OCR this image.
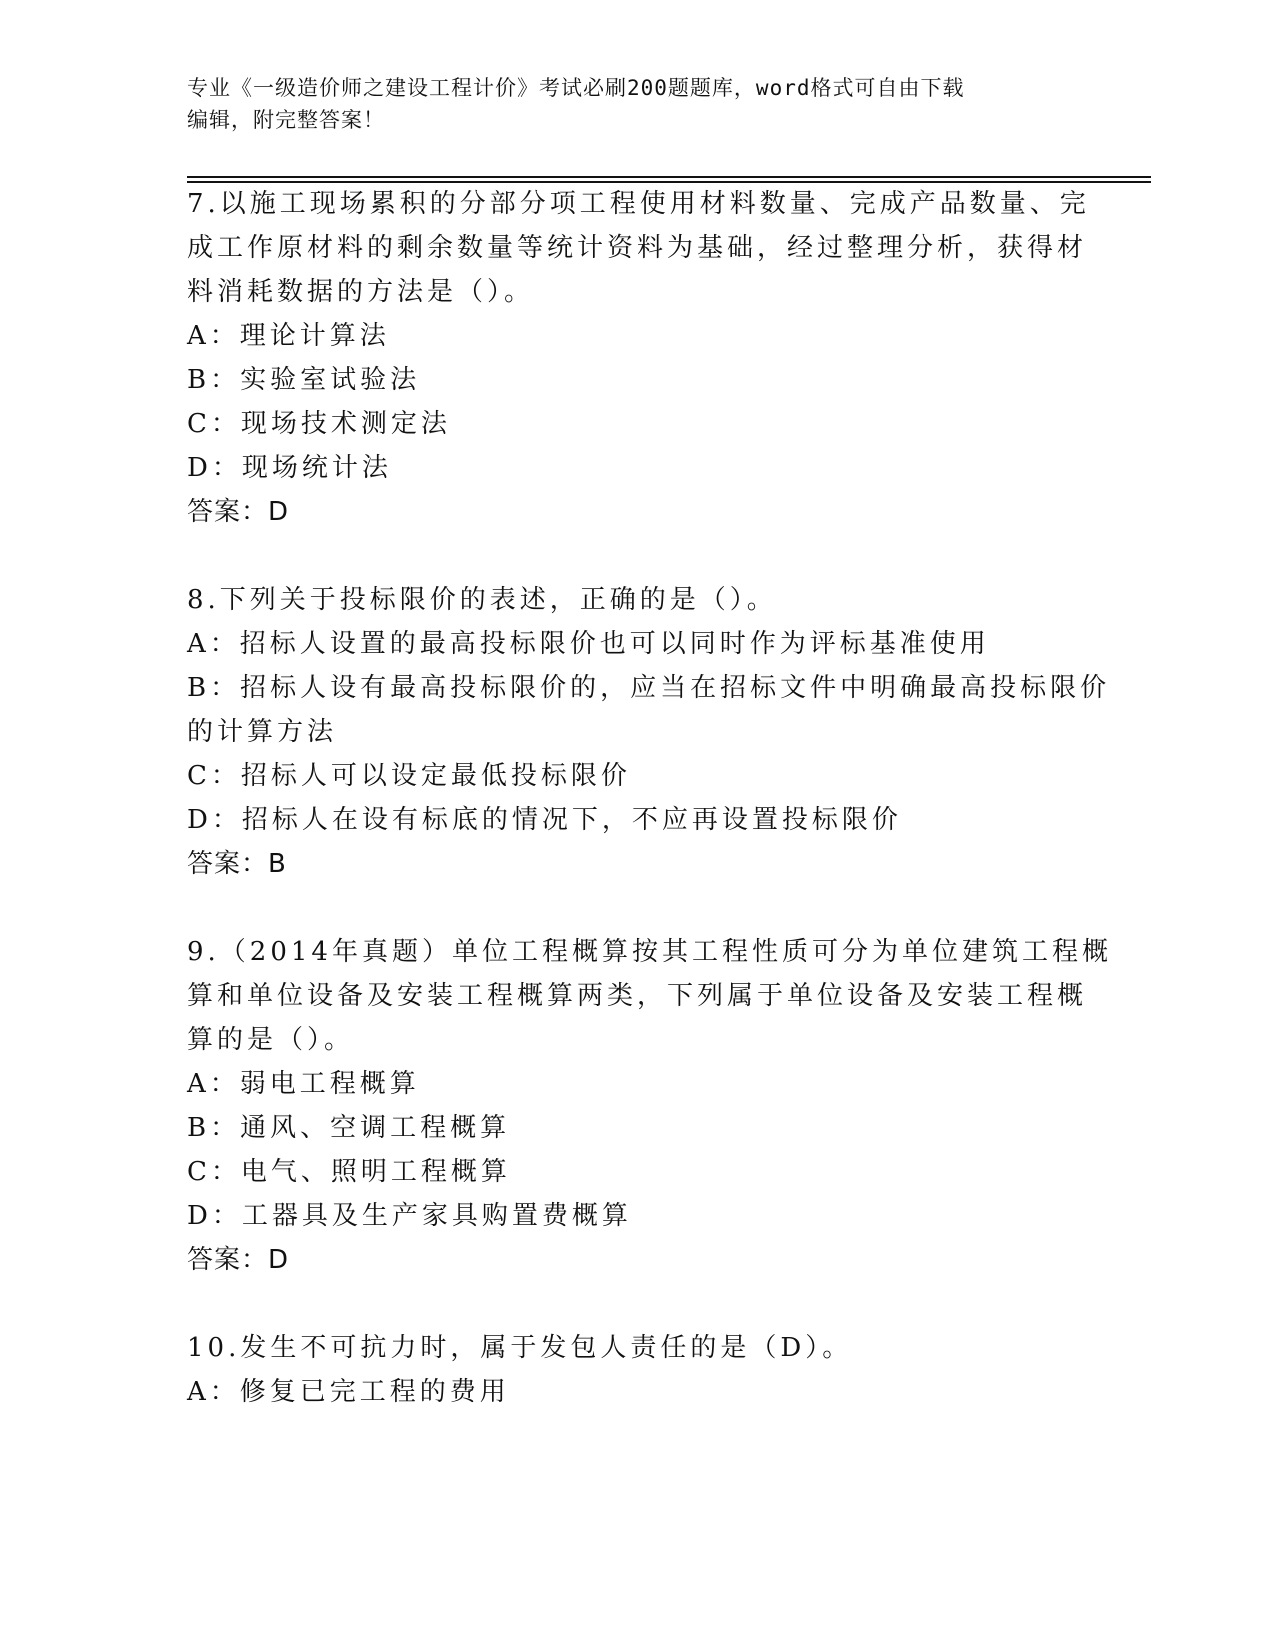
专业《一级造价师之建设工程计价》考试必刷200题题库，word格式可自由下载
编辑，附完整答案！
7.以施工现场累积的分部分项工程使用材料数量、完成产品数量、完
成工作原材料的剩余数量等统计资料为基础，经过整理分析，获得材
料消耗数据的方法是（）。
A：理论计算法
B：实验室试验法
C：现场技术测定法
D：现场统计法
答案：D
8.下列关于投标限价的表述，正确的是（）。
A：招标人设置的最高投标限价也可以同时作为评标基准使用
B：招标人设有最高投标限价的，应当在招标文件中明确最高投标限价
的计算方法
C：招标人可以设定最低投标限价
D：招标人在设有标底的情况下，不应再设置投标限价
答案：B
9.（2014年真题）单位工程概算按其工程性质可分为单位建筑工程概
算和单位设备及安装工程概算两类，下列属于单位设备及安装工程概
算的是（）。
A：弱电工程概算
B：通风、空调工程概算
C：电气、照明工程概算
D：工器具及生产家具购置费概算
答案：D
10.发生不可抗力时，属于发包人责任的是（D）。
A：修复已完工程的费用
